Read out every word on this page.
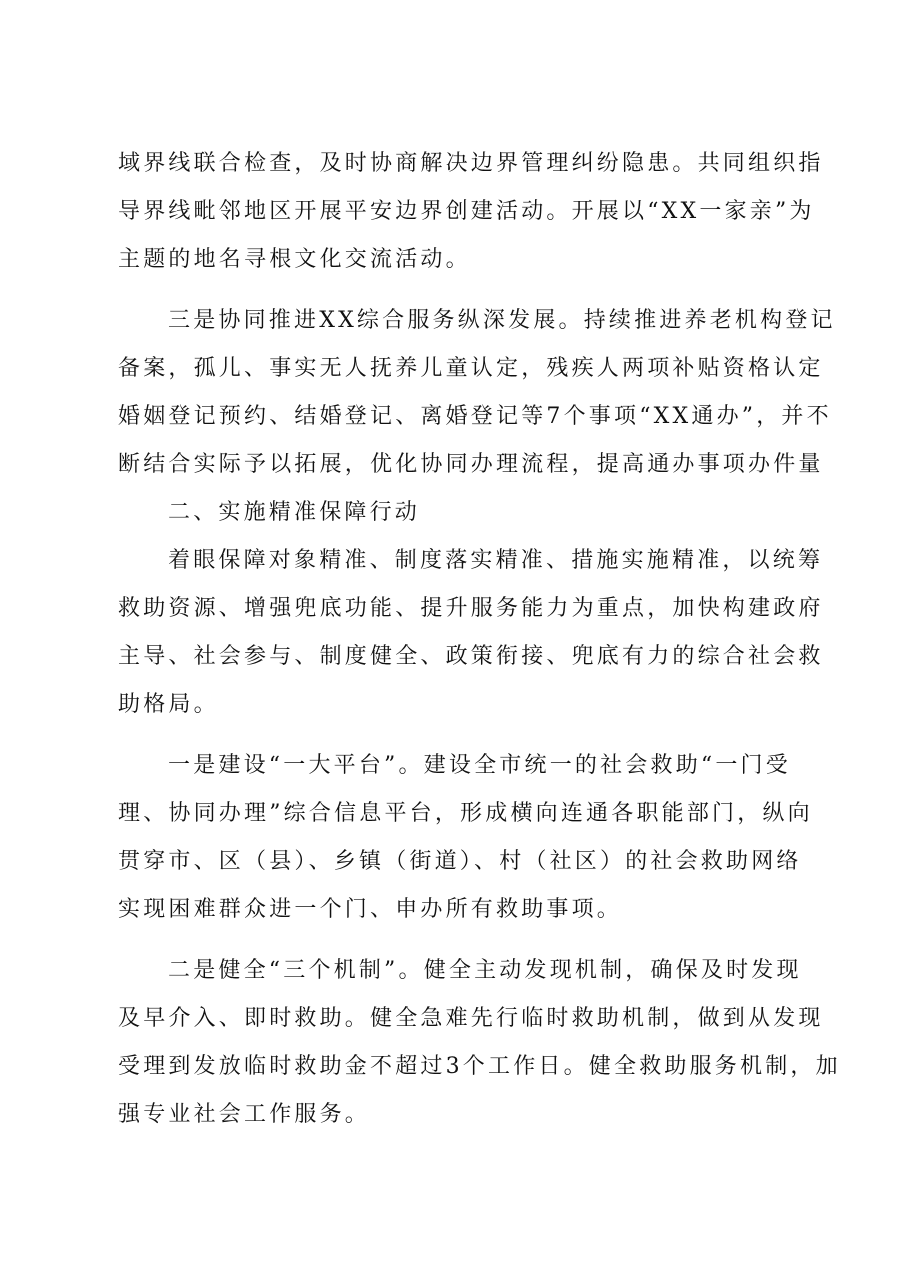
域界线联合检查，及时协商解决边界管理纠纷隐患。共同组织指
导界线毗邻地区开展平安边界创建活动。开展以“XX一家亲”为
主题的地名寻根文化交流活动。
三是协同推进XX综合服务纵深发展。持续推进养老机构登记
备案，孤儿、事实无人抚养儿童认定，残疾人两项补贴资格认定
婚姻登记预约、结婚登记、离婚登记等7个事项“XX通办”，并不
断结合实际予以拓展，优化协同办理流程，提高通办事项办件量
二、实施精准保障行动
着眼保障对象精准、制度落实精准、措施实施精准，以统筹
救助资源、增强兜底功能、提升服务能力为重点，加快构建政府
主导、社会参与、制度健全、政策衔接、兜底有力的综合社会救
助格局。
一是建设“一大平台”。建设全市统一的社会救助“一门受
理、协同办理”综合信息平台，形成横向连通各职能部门，纵向
贯穿市、区（县）、乡镇（街道）、村（社区）的社会救助网络
实现困难群众进一个门、申办所有救助事项。
二是健全“三个机制”。健全主动发现机制，确保及时发现
及早介入、即时救助。健全急难先行临时救助机制，做到从发现
受理到发放临时救助金不超过3个工作日。健全救助服务机制，加
强专业社会工作服务。
